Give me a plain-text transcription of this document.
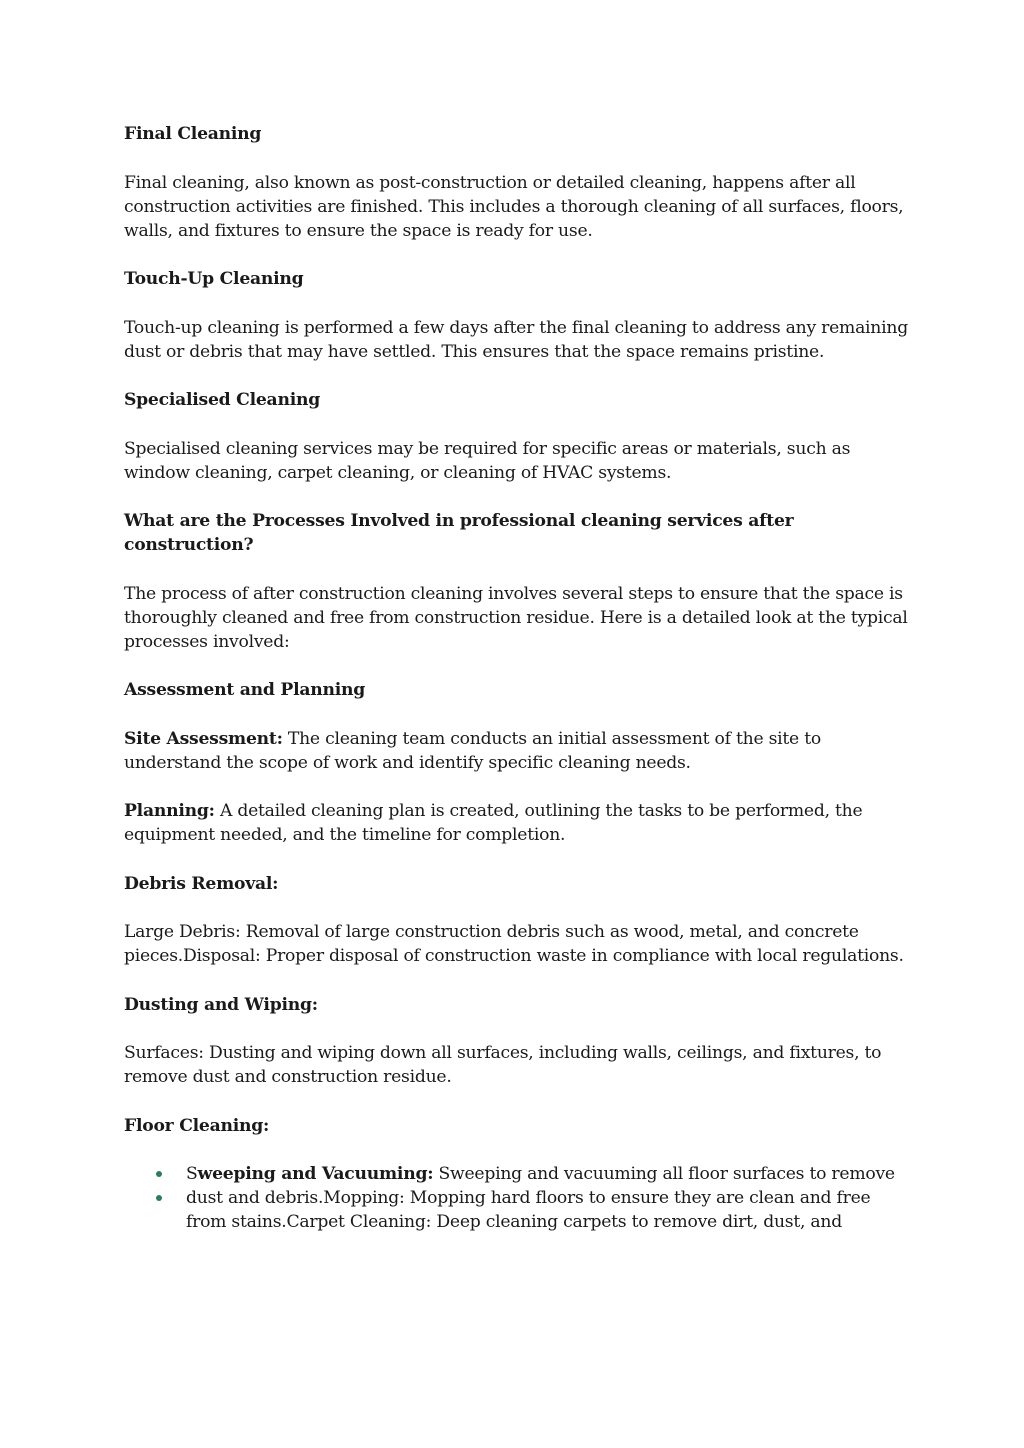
Final Cleaning

Final cleaning, also known as post-construction or detailed cleaning, happens after all construction activities are finished. This includes a thorough cleaning of all surfaces, floors, walls, and fixtures to ensure the space is ready for use.

Touch-Up Cleaning

Touch-up cleaning is performed a few days after the final cleaning to address any remaining dust or debris that may have settled. This ensures that the space remains pristine.

Specialised Cleaning

Specialised cleaning services may be required for specific areas or materials, such as window cleaning, carpet cleaning, or cleaning of HVAC systems.

What are the Processes Involved in professional cleaning services after construction?

The process of after construction cleaning involves several steps to ensure that the space is thoroughly cleaned and free from construction residue. Here is a detailed look at the typical processes involved:

Assessment and Planning

Site Assessment: The cleaning team conducts an initial assessment of the site to understand the scope of work and identify specific cleaning needs.

Planning: A detailed cleaning plan is created, outlining the tasks to be performed, the equipment needed, and the timeline for completion.

Debris Removal:

Large Debris: Removal of large construction debris such as wood, metal, and concrete pieces.Disposal: Proper disposal of construction waste in compliance with local regulations.

Dusting and Wiping:

Surfaces: Dusting and wiping down all surfaces, including walls, ceilings, and fixtures, to remove dust and construction residue.

Floor Cleaning:
Sweeping and Vacuuming: Sweeping and vacuuming all floor surfaces to remove
dust and debris.Mopping: Mopping hard floors to ensure they are clean and free from stains.Carpet Cleaning: Deep cleaning carpets to remove dirt, dust, and
